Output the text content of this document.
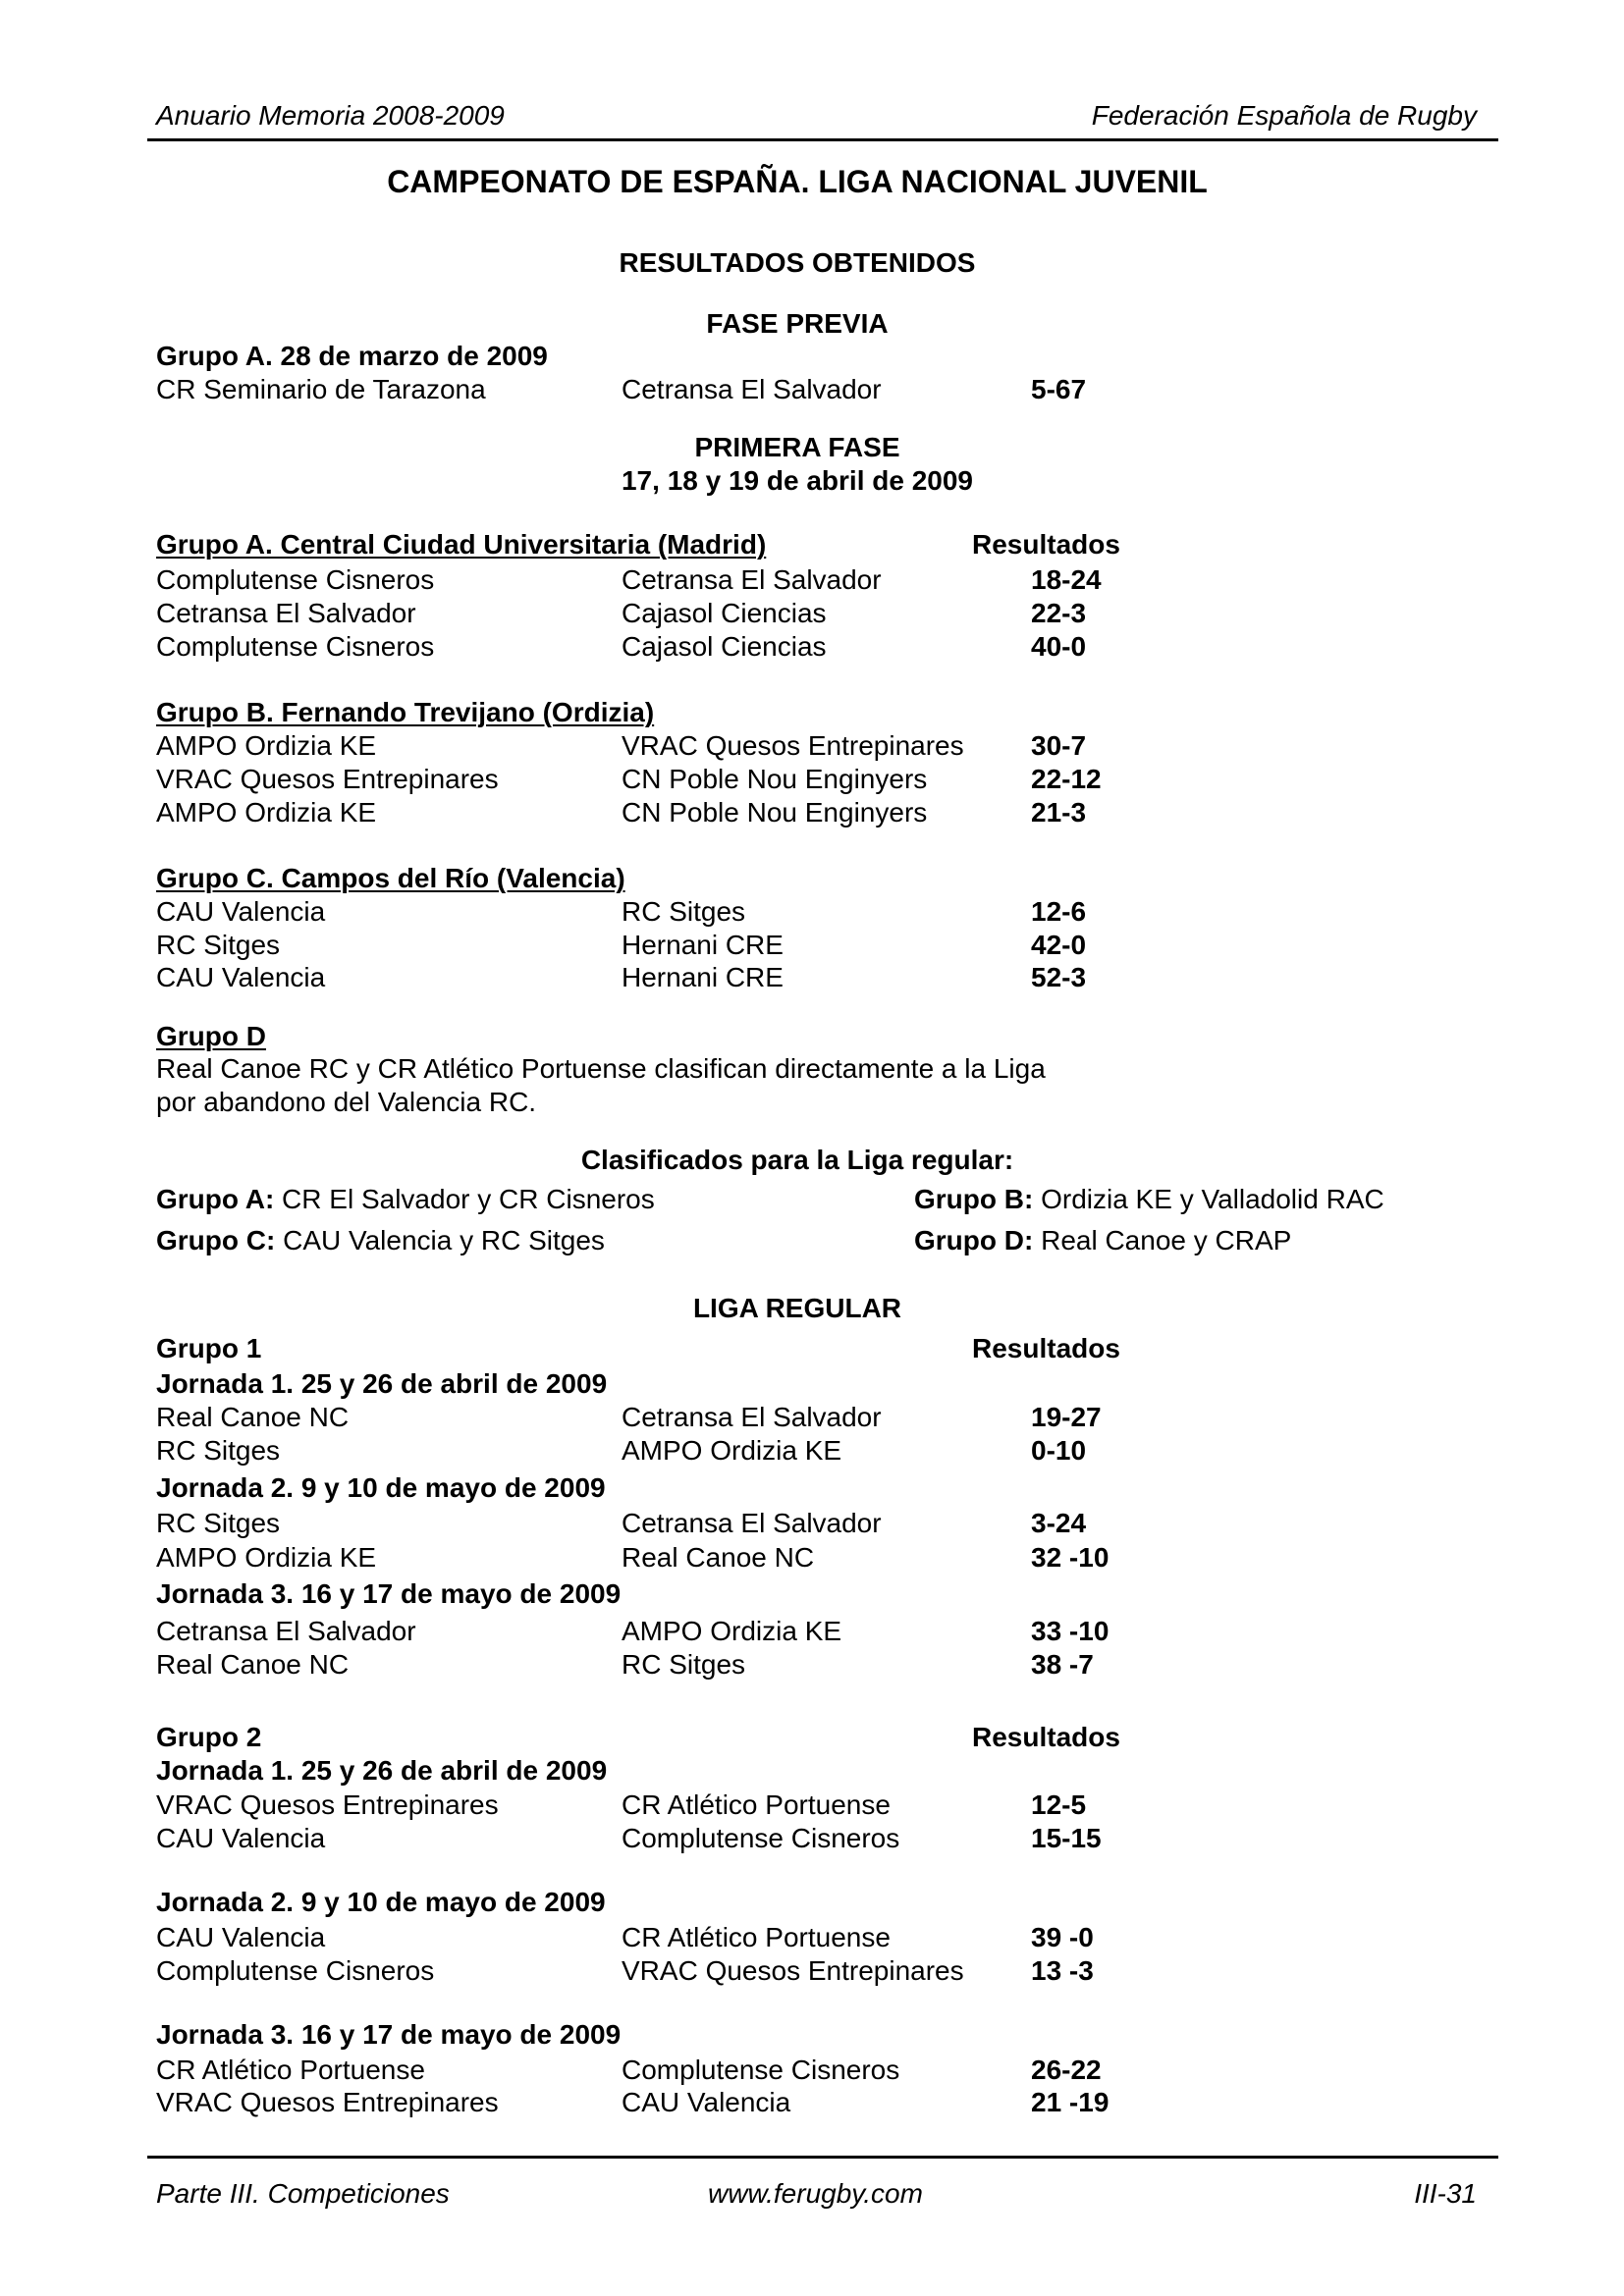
Anuario Memoria 2008-2009	Federación Española de Rugby
CAMPEONATO DE ESPAÑA. LIGA NACIONAL JUVENIL
RESULTADOS OBTENIDOS
FASE PREVIA
Grupo A. 28 de marzo de 2009
CR Seminario de Tarazona	Cetransa El Salvador	5-67
PRIMERA FASE
17, 18 y 19 de abril de 2009
Grupo A. Central Ciudad Universitaria (Madrid)	Resultados
Complutense Cisneros	Cetransa El Salvador	18-24
Cetransa El Salvador	Cajasol Ciencias	22-3
Complutense Cisneros	Cajasol Ciencias	40-0
Grupo B. Fernando Trevijano (Ordizia)
AMPO Ordizia KE	VRAC Quesos Entrepinares 30-7
VRAC Quesos Entrepinares	CN Poble Nou Enginyers	22-12
AMPO Ordizia KE	CN Poble Nou Enginyers	21-3
Grupo C. Campos del Río (Valencia)
CAU Valencia	RC Sitges	12-6
RC Sitges	Hernani CRE	42-0
CAU Valencia	Hernani CRE	52-3
Grupo D
Real Canoe RC y CR Atlético Portuense clasifican directamente a la Liga
por abandono del Valencia RC.
Clasificados para la Liga regular:
Grupo A: CR El Salvador y CR Cisneros	Grupo B: Ordizia KE y Valladolid RAC
Grupo C: CAU Valencia y RC Sitges	Grupo D: Real Canoe y CRAP
LIGA REGULAR
Grupo 1	Resultados
Jornada 1. 25 y 26 de abril de 2009
Real Canoe NC	Cetransa El Salvador	19-27
RC Sitges	AMPO Ordizia KE	0-10
Jornada 2. 9 y 10 de mayo de 2009
RC Sitges	Cetransa El Salvador	3-24
AMPO Ordizia KE	Real Canoe NC	32 -10
Jornada 3. 16 y 17 de mayo de 2009
Cetransa El Salvador	AMPO Ordizia KE	33 -10
Real Canoe NC	RC Sitges	38 -7
Grupo 2	Resultados
Jornada 1. 25 y 26 de abril de 2009
VRAC Quesos Entrepinares	CR Atlético Portuense	12-5
CAU Valencia	Complutense Cisneros	15-15
Jornada 2. 9 y 10 de mayo de 2009
CAU Valencia	CR Atlético Portuense	39 -0
Complutense Cisneros	VRAC Quesos Entrepinares 13 -3
Jornada 3. 16 y 17 de mayo de 2009
CR Atlético Portuense	Complutense Cisneros	26-22
VRAC Quesos Entrepinares	CAU Valencia	21 -19
Parte III. Competiciones	www.ferugby.com	III-31
